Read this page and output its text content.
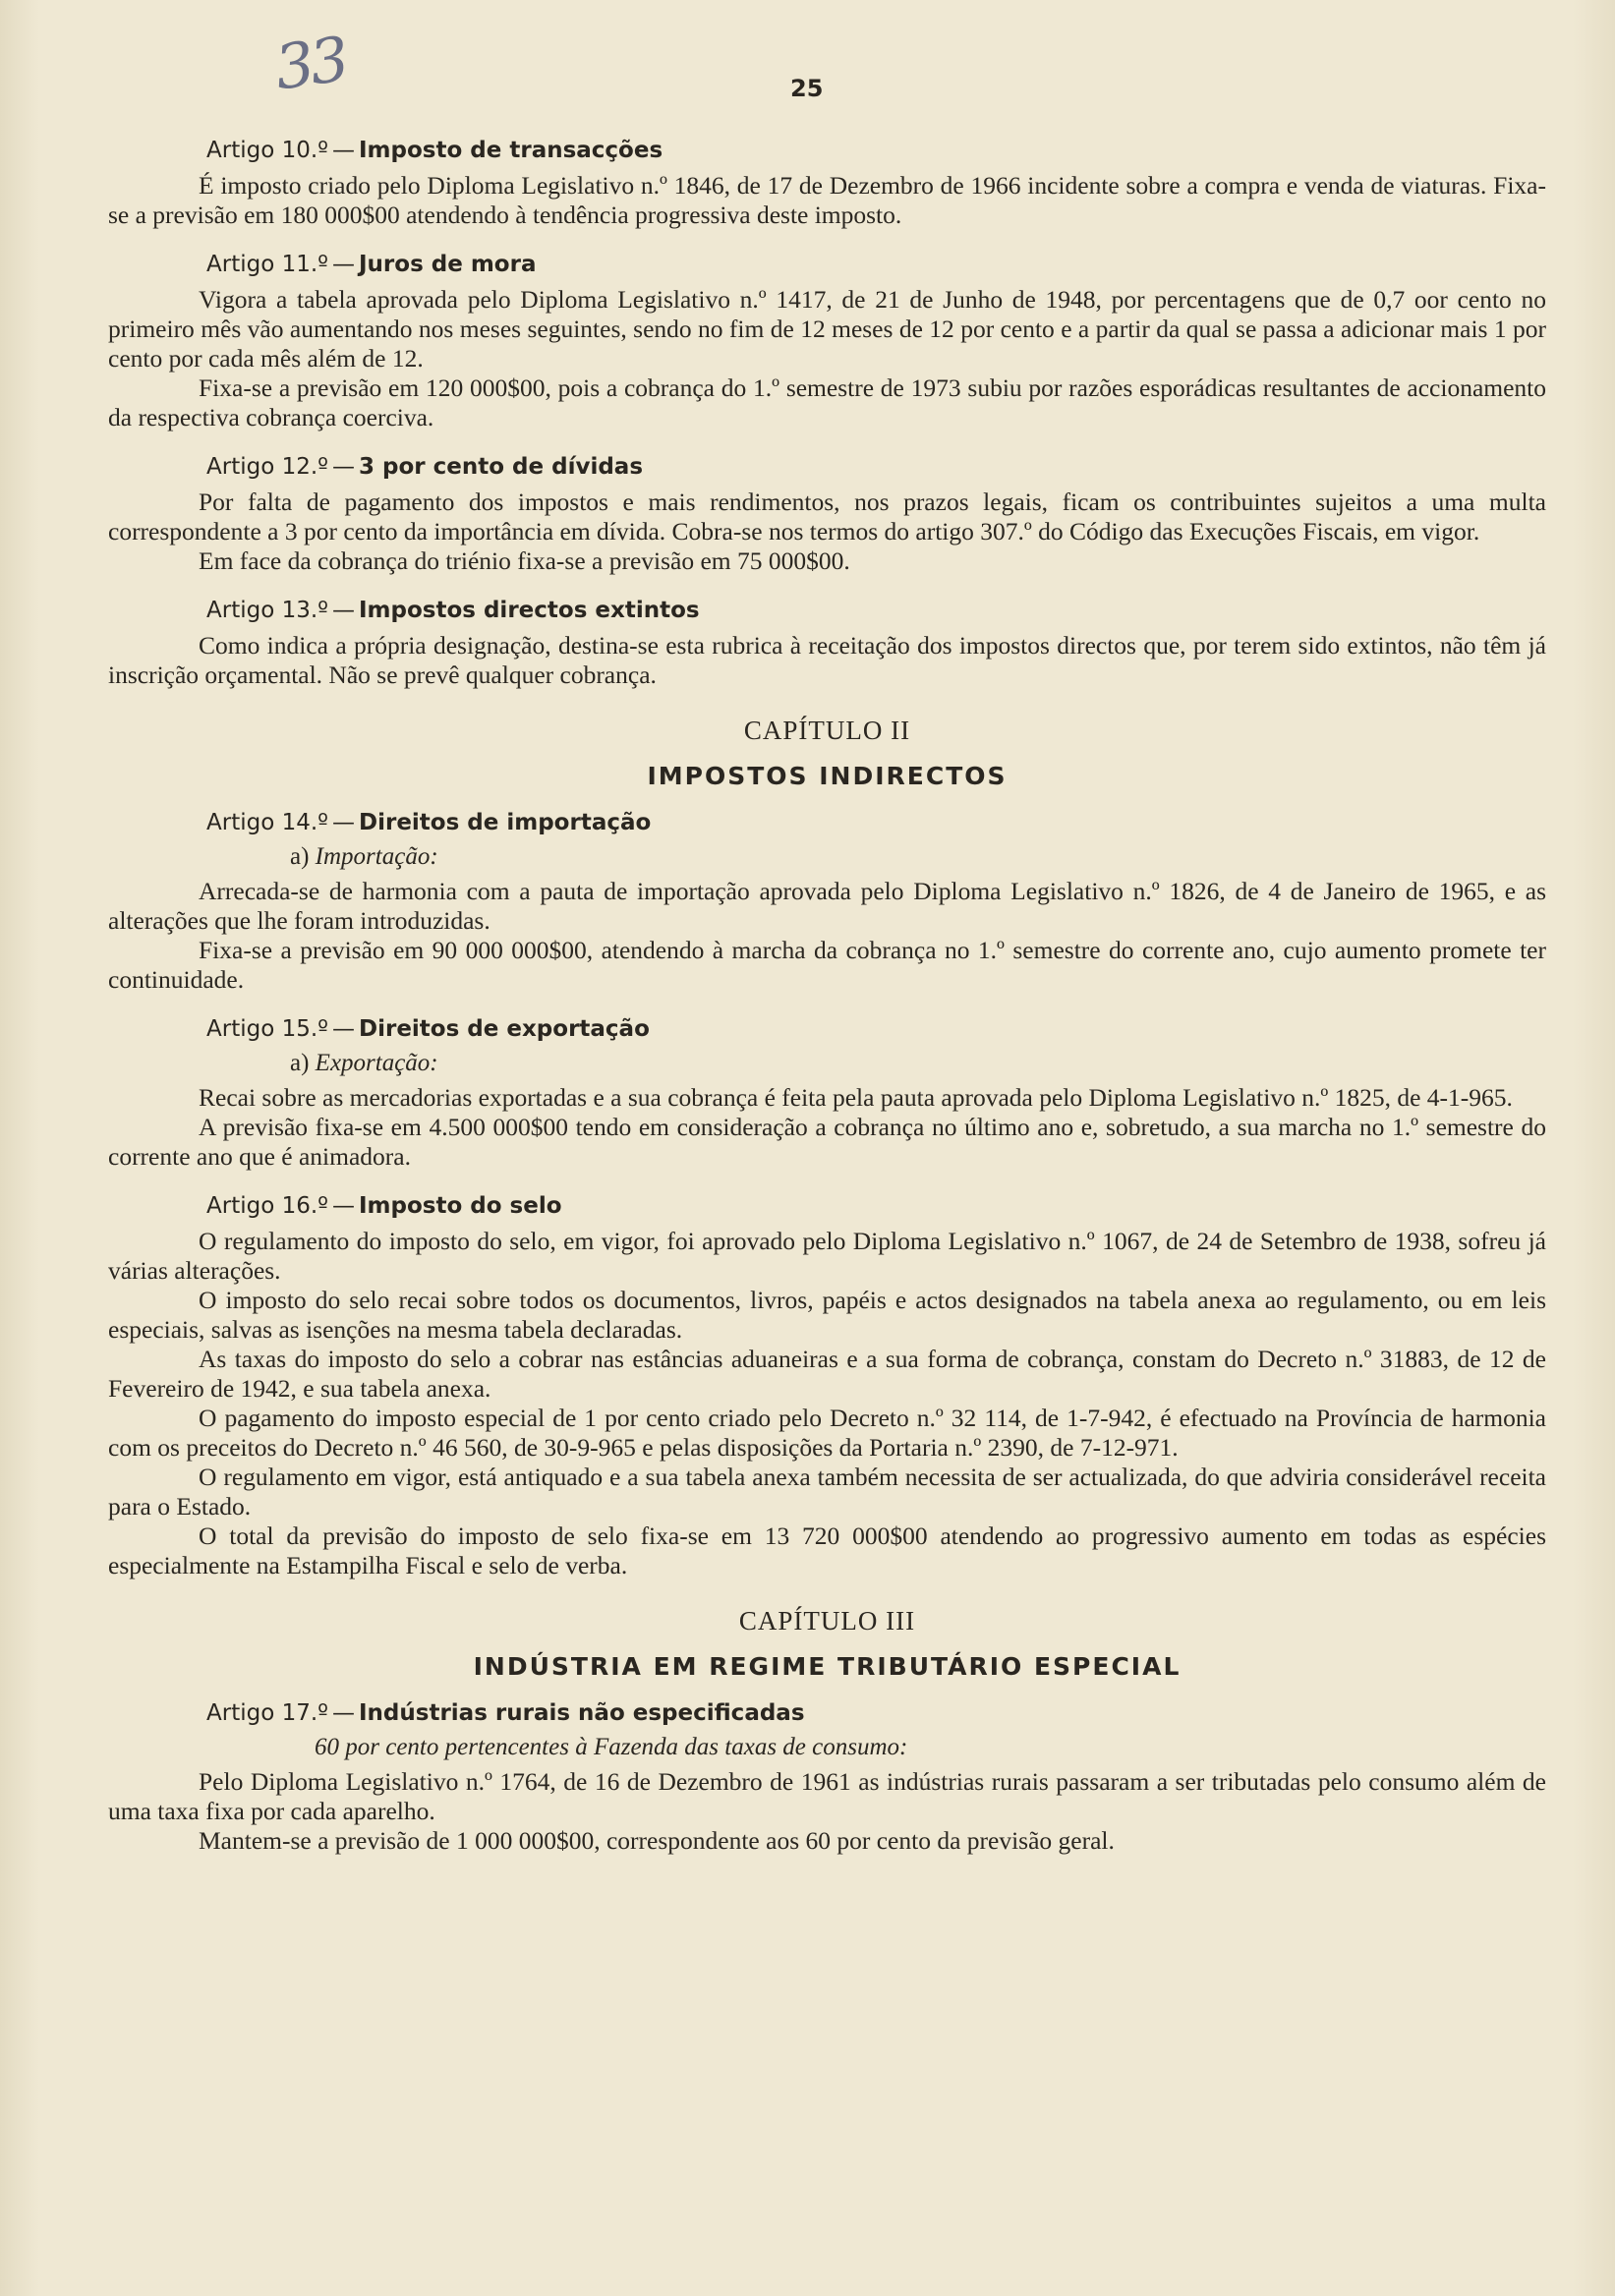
33	25
Artigo 10.º — Imposto de transacções

É imposto criado pelo Diploma Legislativo n.º 1846, de 17 de Dezembro de 1966 incidente sobre a compra e venda de viaturas. Fixa-se a previsão em 180 000$00 atendendo à tendência progressiva deste imposto.

Artigo 11.º — Juros de mora

Vigora a tabela aprovada pelo Diploma Legislativo n.º 1417, de 21 de Junho de 1948, por percentagens que de 0,7 oor cento no primeiro mês vão aumentando nos meses seguintes, sendo no fim de 12 meses de 12 por cento e a partir da qual se passa a adicionar mais 1 por cento por cada mês além de 12.

Fixa-se a previsão em 120 000$00, pois a cobrança do 1.º semestre de 1973 subiu por razões esporádicas resultantes de accionamento da respectiva cobrança coerciva.

Artigo 12.º — 3 por cento de dívidas

Por falta de pagamento dos impostos e mais rendimentos, nos prazos legais, ficam os contribuintes sujeitos a uma multa correspondente a 3 por cento da importância em dívida. Cobra-se nos termos do artigo 307.º do Código das Execuções Fiscais, em vigor.

Em face da cobrança do triénio fixa-se a previsão em 75 000$00.

Artigo 13.º — Impostos directos extintos

Como indica a própria designação, destina-se esta rubrica à receitação dos impostos directos que, por terem sido extintos, não têm já inscrição orçamental. Não se prevê qualquer cobrança.

CAPÍTULO II
IMPOSTOS INDIRECTOS
Artigo 14.º — Direitos de importação

a) Importação:

Arrecada-se de harmonia com a pauta de importação aprovada pelo Diploma Legislativo n.º 1826, de 4 de Janeiro de 1965, e as alterações que lhe foram introduzidas.

Fixa-se a previsão em 90 000 000$00, atendendo à marcha da cobrança no 1.º semestre do corrente ano, cujo aumento promete ter continuidade.

Artigo 15.º — Direitos de exportação

a) Exportação:

Recai sobre as mercadorias exportadas e a sua cobrança é feita pela pauta aprovada pelo Diploma Legislativo n.º 1825, de 4-1-965.

A previsão fixa-se em 4.500 000$00 tendo em consideração a cobrança no último ano e, sobretudo, a sua marcha no 1.º semestre do corrente ano que é animadora.

Artigo 16.º — Imposto do selo

O regulamento do imposto do selo, em vigor, foi aprovado pelo Diploma Legislativo n.º 1067, de 24 de Setembro de 1938, sofreu já várias alterações.

O imposto do selo recai sobre todos os documentos, livros, papéis e actos designados na tabela anexa ao regulamento, ou em leis especiais, salvas as isenções na mesma tabela declaradas.

As taxas do imposto do selo a cobrar nas estâncias aduaneiras e a sua forma de cobrança, constam do Decreto n.º 31883, de 12 de Fevereiro de 1942, e sua tabela anexa.

O pagamento do imposto especial de 1 por cento criado pelo Decreto n.º 32 114, de 1-7-942, é efectuado na Província de harmonia com os preceitos do Decreto n.º 46 560, de 30-9-965 e pelas disposições da Portaria n.º 2390, de 7-12-971.

O regulamento em vigor, está antiquado e a sua tabela anexa também necessita de ser actualizada, do que adviria considerável receita para o Estado.

O total da previsão do imposto de selo fixa-se em 13 720 000$00 atendendo ao progressivo aumento em todas as espécies especialmente na Estampilha Fiscal e selo de verba.

CAPÍTULO III
INDÚSTRIA EM REGIME TRIBUTÁRIO ESPECIAL
Artigo 17.º — Indústrias rurais não especificadas

60 por cento pertencentes à Fazenda das taxas de consumo:

Pelo Diploma Legislativo n.º 1764, de 16 de Dezembro de 1961 as indústrias rurais passaram a ser tributadas pelo consumo além de uma taxa fixa por cada aparelho.

Mantem-se a previsão de 1 000 000$00, correspondente aos 60 por cento da previsão geral.
